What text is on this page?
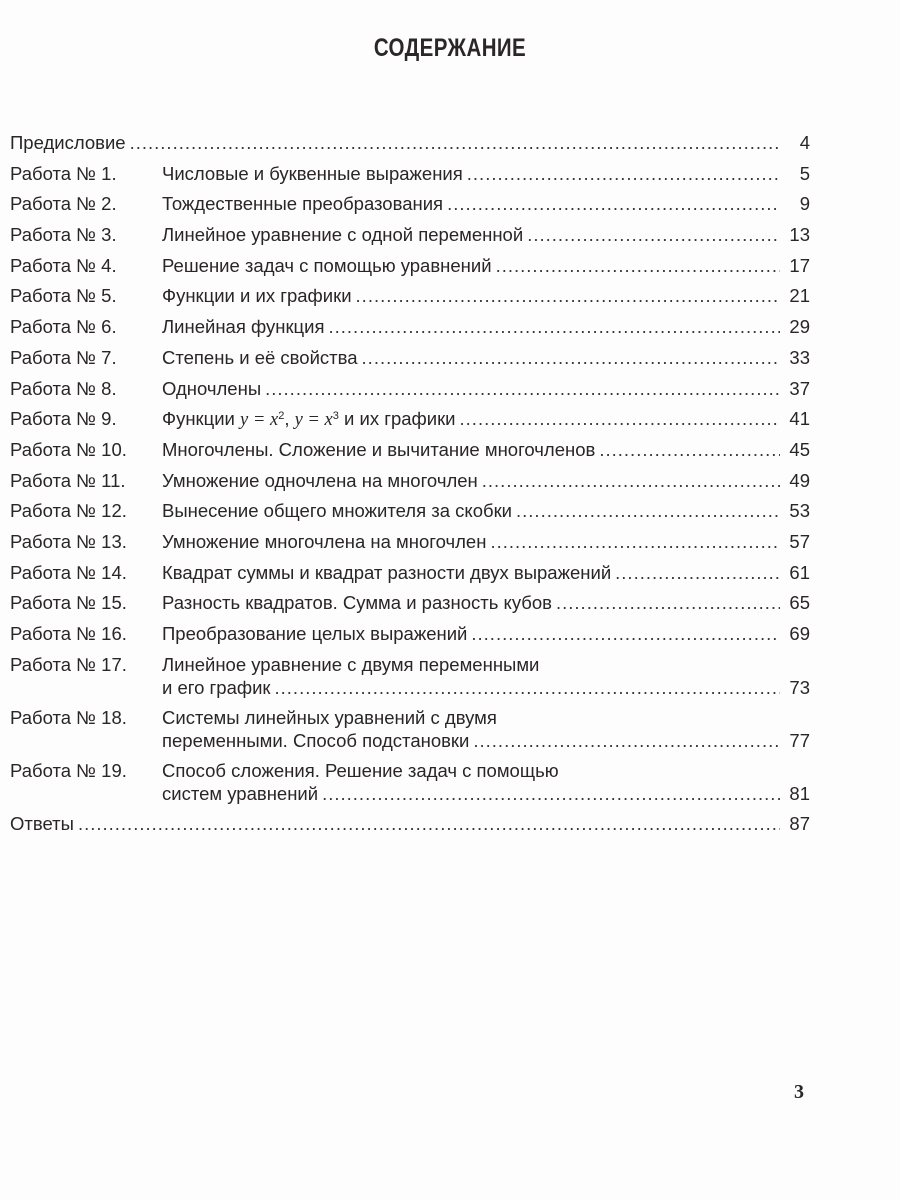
СОДЕРЖАНИЕ
Предисловие .....	4
Работа № 1.	Числовые и буквенные выражения .....	5
Работа № 2.	Тождественные преобразования .....	9
Работа № 3.	Линейное уравнение с одной переменной .....	13
Работа № 4.	Решение задач с помощью уравнений .....	17
Работа № 5.	Функции и их графики .....	21
Работа № 6.	Линейная функция .....	29
Работа № 7.	Степень и её свойства .....	33
Работа № 8.	Одночлены .....	37
Работа № 9.	Функции $y = x^2$, $y = x^3$ и их графики .....	41
Работа № 10.	Многочлены. Сложение и вычитание многочленов .....	45
Работа № 11.	Умножение одночлена на многочлен .....	49
Работа № 12.	Вынесение общего множителя за скобки .....	53
Работа № 13.	Умножение многочлена на многочлен .....	57
Работа № 14.	Квадрат суммы и квадрат разности двух выражений .....	61
Работа № 15.	Разность квадратов. Сумма и разность кубов .....	65
Работа № 16.	Преобразование целых выражений .....	69
Работа № 17.	Линейное уравнение с двумя переменными
и его график .....	73
Работа № 18.	Системы линейных уравнений с двумя
переменными. Способ подстановки .....	77
Работа № 19.	Способ сложения. Решение задач с помощью
систем уравнений .....	81
Ответы .....	87
3
